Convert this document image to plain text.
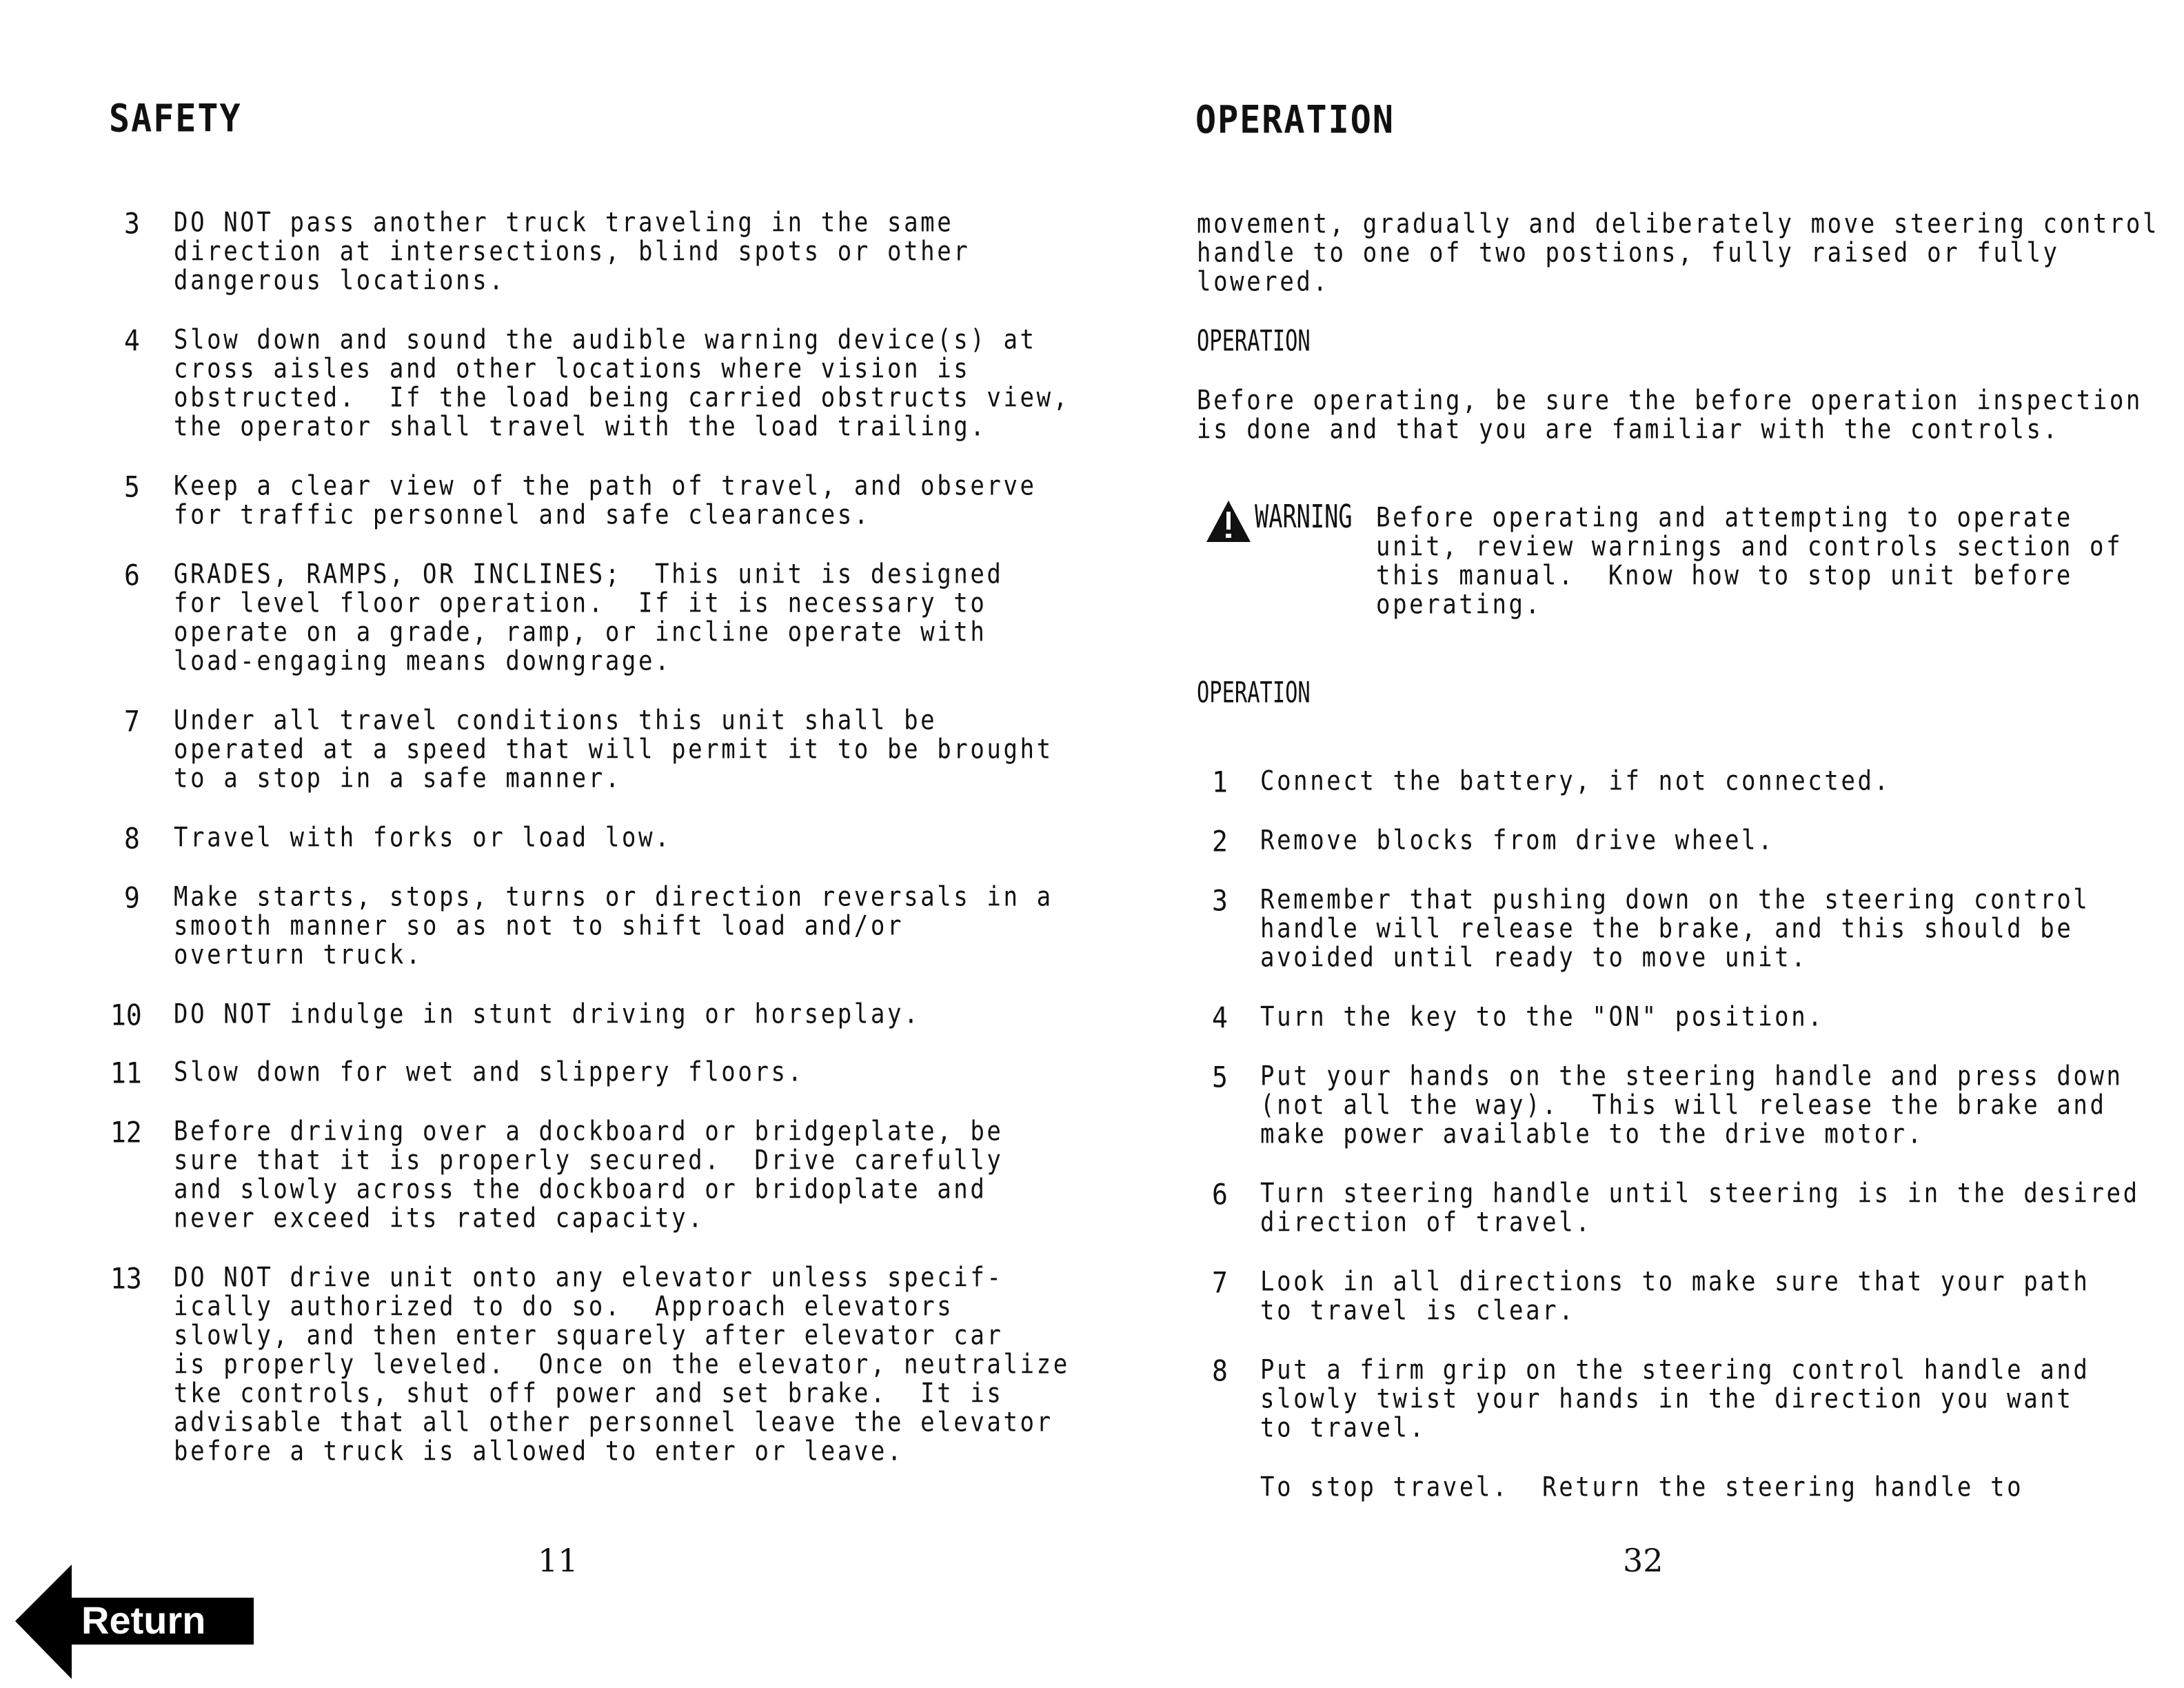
SAFETY
3 DO NOT pass another truck traveling in the same
direction at intersections, blind spots or other
dangerous locations.
4 Slow down and sound the audible warning device(s) at
cross aisles and other locations where vision is
obstructed.  If the load being carried obstructs view,
the operator shall travel with the load trailing.
5 Keep a clear view of the path of travel, and observe
for traffic personnel and safe clearances.
6 GRADES, RAMPS, OR INCLINES;  This unit is designed
for level floor operation.  If it is necessary to
operate on a grade, ramp, or incline operate with
load-engaging means downgrage.
7 Under all travel conditions this unit shall be
operated at a speed that will permit it to be brought
to a stop in a safe manner.
8 Travel with forks or load low.
9 Make starts, stops, turns or direction reversals in a
smooth manner so as not to shift load and/or
overturn truck.
10 DO NOT indulge in stunt driving or horseplay.
11 Slow down for wet and slippery floors.
12 Before driving over a dockboard or bridgeplate, be
sure that it is properly secured.  Drive carefully
and slowly across the dockboard or bridoplate and
never exceed its rated capacity.
13 DO NOT drive unit onto any elevator unless specif-
ically authorized to do so.  Approach elevators
slowly, and then enter squarely after elevator car
is properly leveled.  Once on the elevator, neutralize
tke controls, shut off power and set brake.  It is
advisable that all other personnel leave the elevator
before a truck is allowed to enter or leave.
11
OPERATION
movement, gradually and deliberately move steering control
handle to one of two postions, fully raised or fully
lowered.
OPERATION
Before operating, be sure the before operation inspection
is done and that you are familiar with the controls.
WARNING Before operating and attempting to operate
unit, review warnings and controls section of
this manual.  Know how to stop unit before
operating.
OPERATION
1 Connect the battery, if not connected.
2 Remove blocks from drive wheel.
3 Remember that pushing down on the steering control
handle will release the brake, and this should be
avoided until ready to move unit.
4 Turn the key to the "ON" position.
5 Put your hands on the steering handle and press down
(not all the way).  This will release the brake and
make power available to the drive motor.
6 Turn steering handle until steering is in the desired
direction of travel.
7 Look in all directions to make sure that your path
to travel is clear.
8 Put a firm grip on the steering control handle and
slowly twist your hands in the direction you want
to travel.
To stop travel.  Return the steering handle to
32
Return
